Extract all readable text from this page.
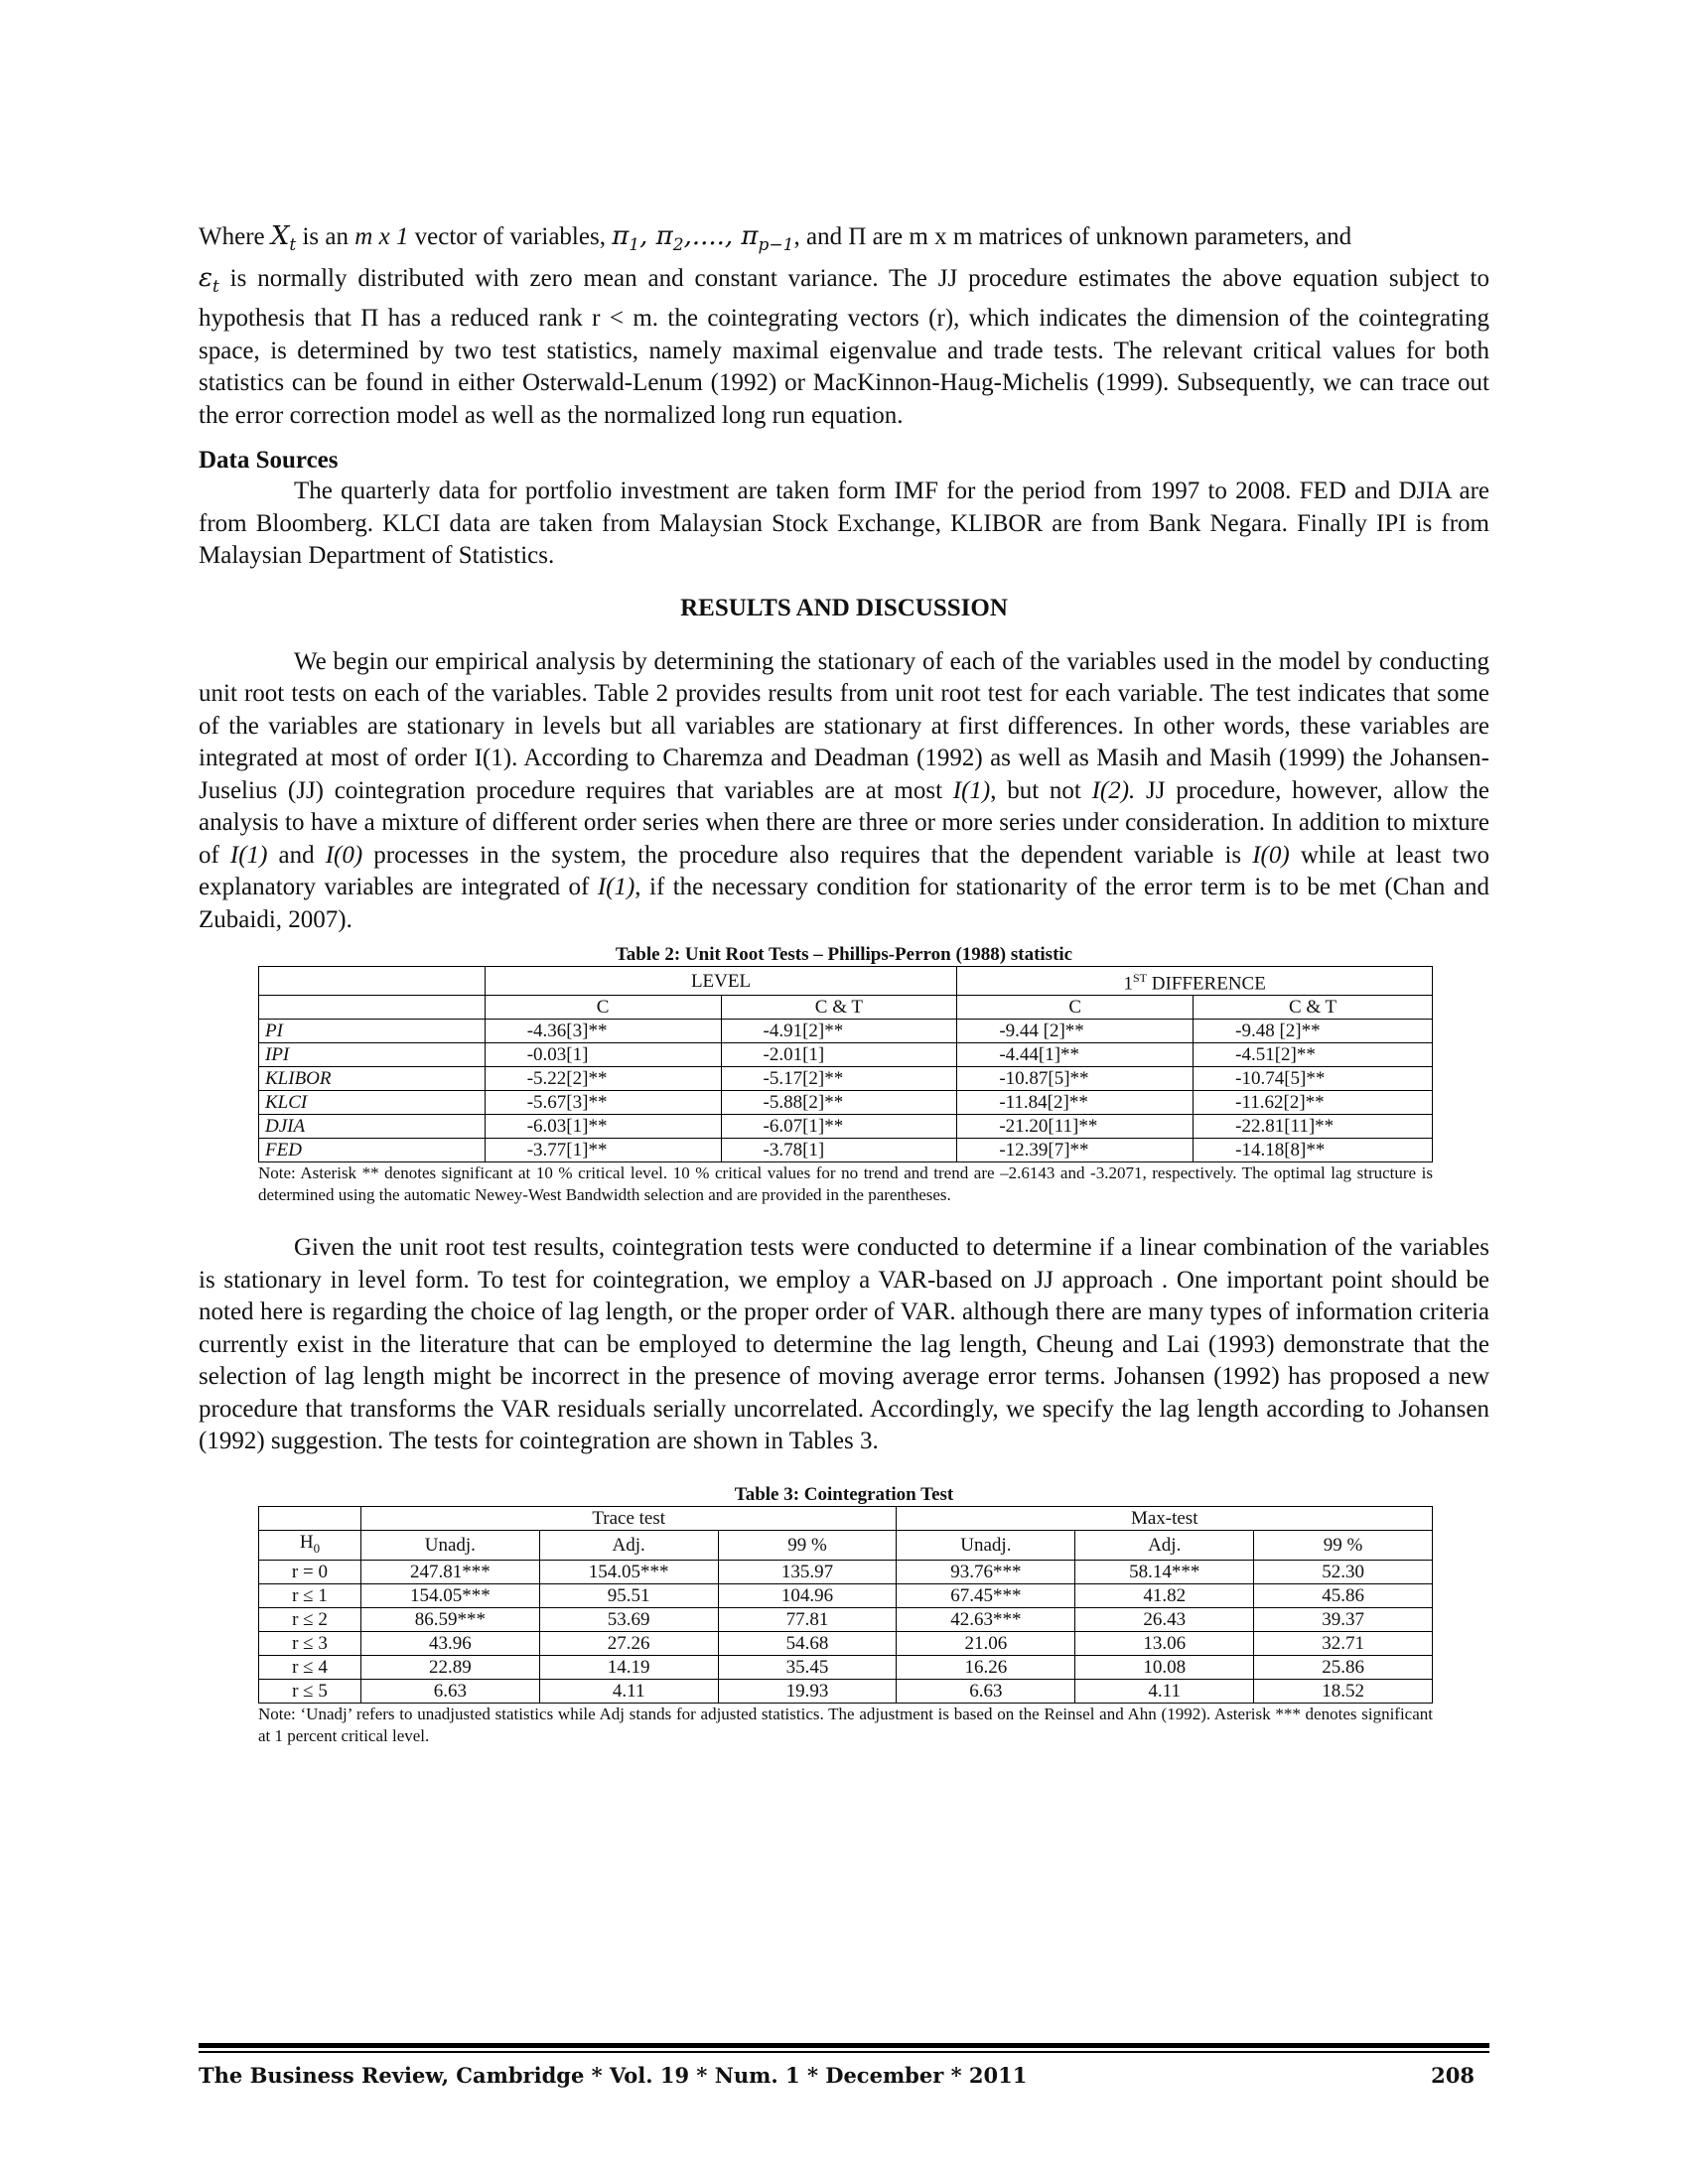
Where $X_t$ is an m x 1 vector of variables, $\pi_1$, $\pi_2$,...., $\pi_{p-1}$, and Π are m x m matrices of unknown parameters, and
$\varepsilon_t$ is normally distributed with zero mean and constant variance. The JJ procedure estimates the above equation subject to hypothesis that Π has a reduced rank r < m. the cointegrating vectors (r), which indicates the dimension of the cointegrating space, is determined by two test statistics, namely maximal eigenvalue and trade tests. The relevant critical values for both statistics can be found in either Osterwald-Lenum (1992) or MacKinnon-Haug-Michelis (1999). Subsequently, we can trace out the error correction model as well as the normalized long run equation.

Data Sources

The quarterly data for portfolio investment are taken form IMF for the period from 1997 to 2008. FED and DJIA are from Bloomberg. KLCI data are taken from Malaysian Stock Exchange, KLIBOR are from Bank Negara. Finally IPI is from Malaysian Department of Statistics.

RESULTS AND DISCUSSION

We begin our empirical analysis by determining the stationary of each of the variables used in the model by conducting unit root tests on each of the variables. Table 2 provides results from unit root test for each variable. The test indicates that some of the variables are stationary in levels but all variables are stationary at first differences. In other words, these variables are integrated at most of order I(1). According to Charemza and Deadman (1992) as well as Masih and Masih (1999) the Johansen-Juselius (JJ) cointegration procedure requires that variables are at most I(1), but not I(2). JJ procedure, however, allow the analysis to have a mixture of different order series when there are three or more series under consideration. In addition to mixture of I(1) and I(0) processes in the system, the procedure also requires that the dependent variable is I(0) while at least two explanatory variables are integrated of I(1), if the necessary condition for stationarity of the error term is to be met (Chan and Zubaidi, 2007).

Table 2: Unit Root Tests – Phillips-Perron (1988) statistic
	LEVEL		1ST DIFFERENCE	
	C	C & T	C	C & T
PI	-4.36[3]**	-4.91[2]**	-9.44 [2]**	-9.48 [2]**
IPI	-0.03[1]	-2.01[1]	-4.44[1]**	-4.51[2]**
KLIBOR	-5.22[2]**	-5.17[2]**	-10.87[5]**	-10.74[5]**
KLCI	-5.67[3]**	-5.88[2]**	-11.84[2]**	-11.62[2]**
DJIA	-6.03[1]**	-6.07[1]**	-21.20[11]**	-22.81[11]**
FED	-3.77[1]**	-3.78[1]	-12.39[7]**	-14.18[8]**
Note: Asterisk ** denotes significant at 10 % critical level. 10 % critical values for no trend and trend are –2.6143 and -3.2071, respectively. The optimal lag structure is determined using the automatic Newey-West Bandwidth selection and are provided in the parentheses.

Given the unit root test results, cointegration tests were conducted to determine if a linear combination of the variables is stationary in level form. To test for cointegration, we employ a VAR-based on JJ approach . One important point should be noted here is regarding the choice of lag length, or the proper order of VAR. although there are many types of information criteria currently exist in the literature that can be employed to determine the lag length, Cheung and Lai (1993) demonstrate that the selection of lag length might be incorrect in the presence of moving average error terms. Johansen (1992) has proposed a new procedure that transforms the VAR residuals serially uncorrelated. Accordingly, we specify the lag length according to Johansen (1992) suggestion. The tests for cointegration are shown in Tables 3.

Table 3: Cointegration Test
	Trace test			Max-test		
$H_0$	Unadj.	Adj.	99 %	Unadj.	Adj.	99 %
r = 0	247.81***	154.05***	135.97	93.76***	58.14***	52.30
r ≤ 1	154.05***	95.51	104.96	67.45***	41.82	45.86
r ≤ 2	86.59***	53.69	77.81	42.63***	26.43	39.37
r ≤ 3	43.96	27.26	54.68	21.06	13.06	32.71
r ≤ 4	22.89	14.19	35.45	16.26	10.08	25.86
r ≤ 5	6.63	4.11	19.93	6.63	4.11	18.52
Note: ‘Unadj’ refers to unadjusted statistics while Adj stands for adjusted statistics. The adjustment is based on the Reinsel and Ahn (1992). Asterisk *** denotes significant at 1 percent critical level.
The Business Review, Cambridge * Vol. 19 * Num. 1 * December * 2011	208
